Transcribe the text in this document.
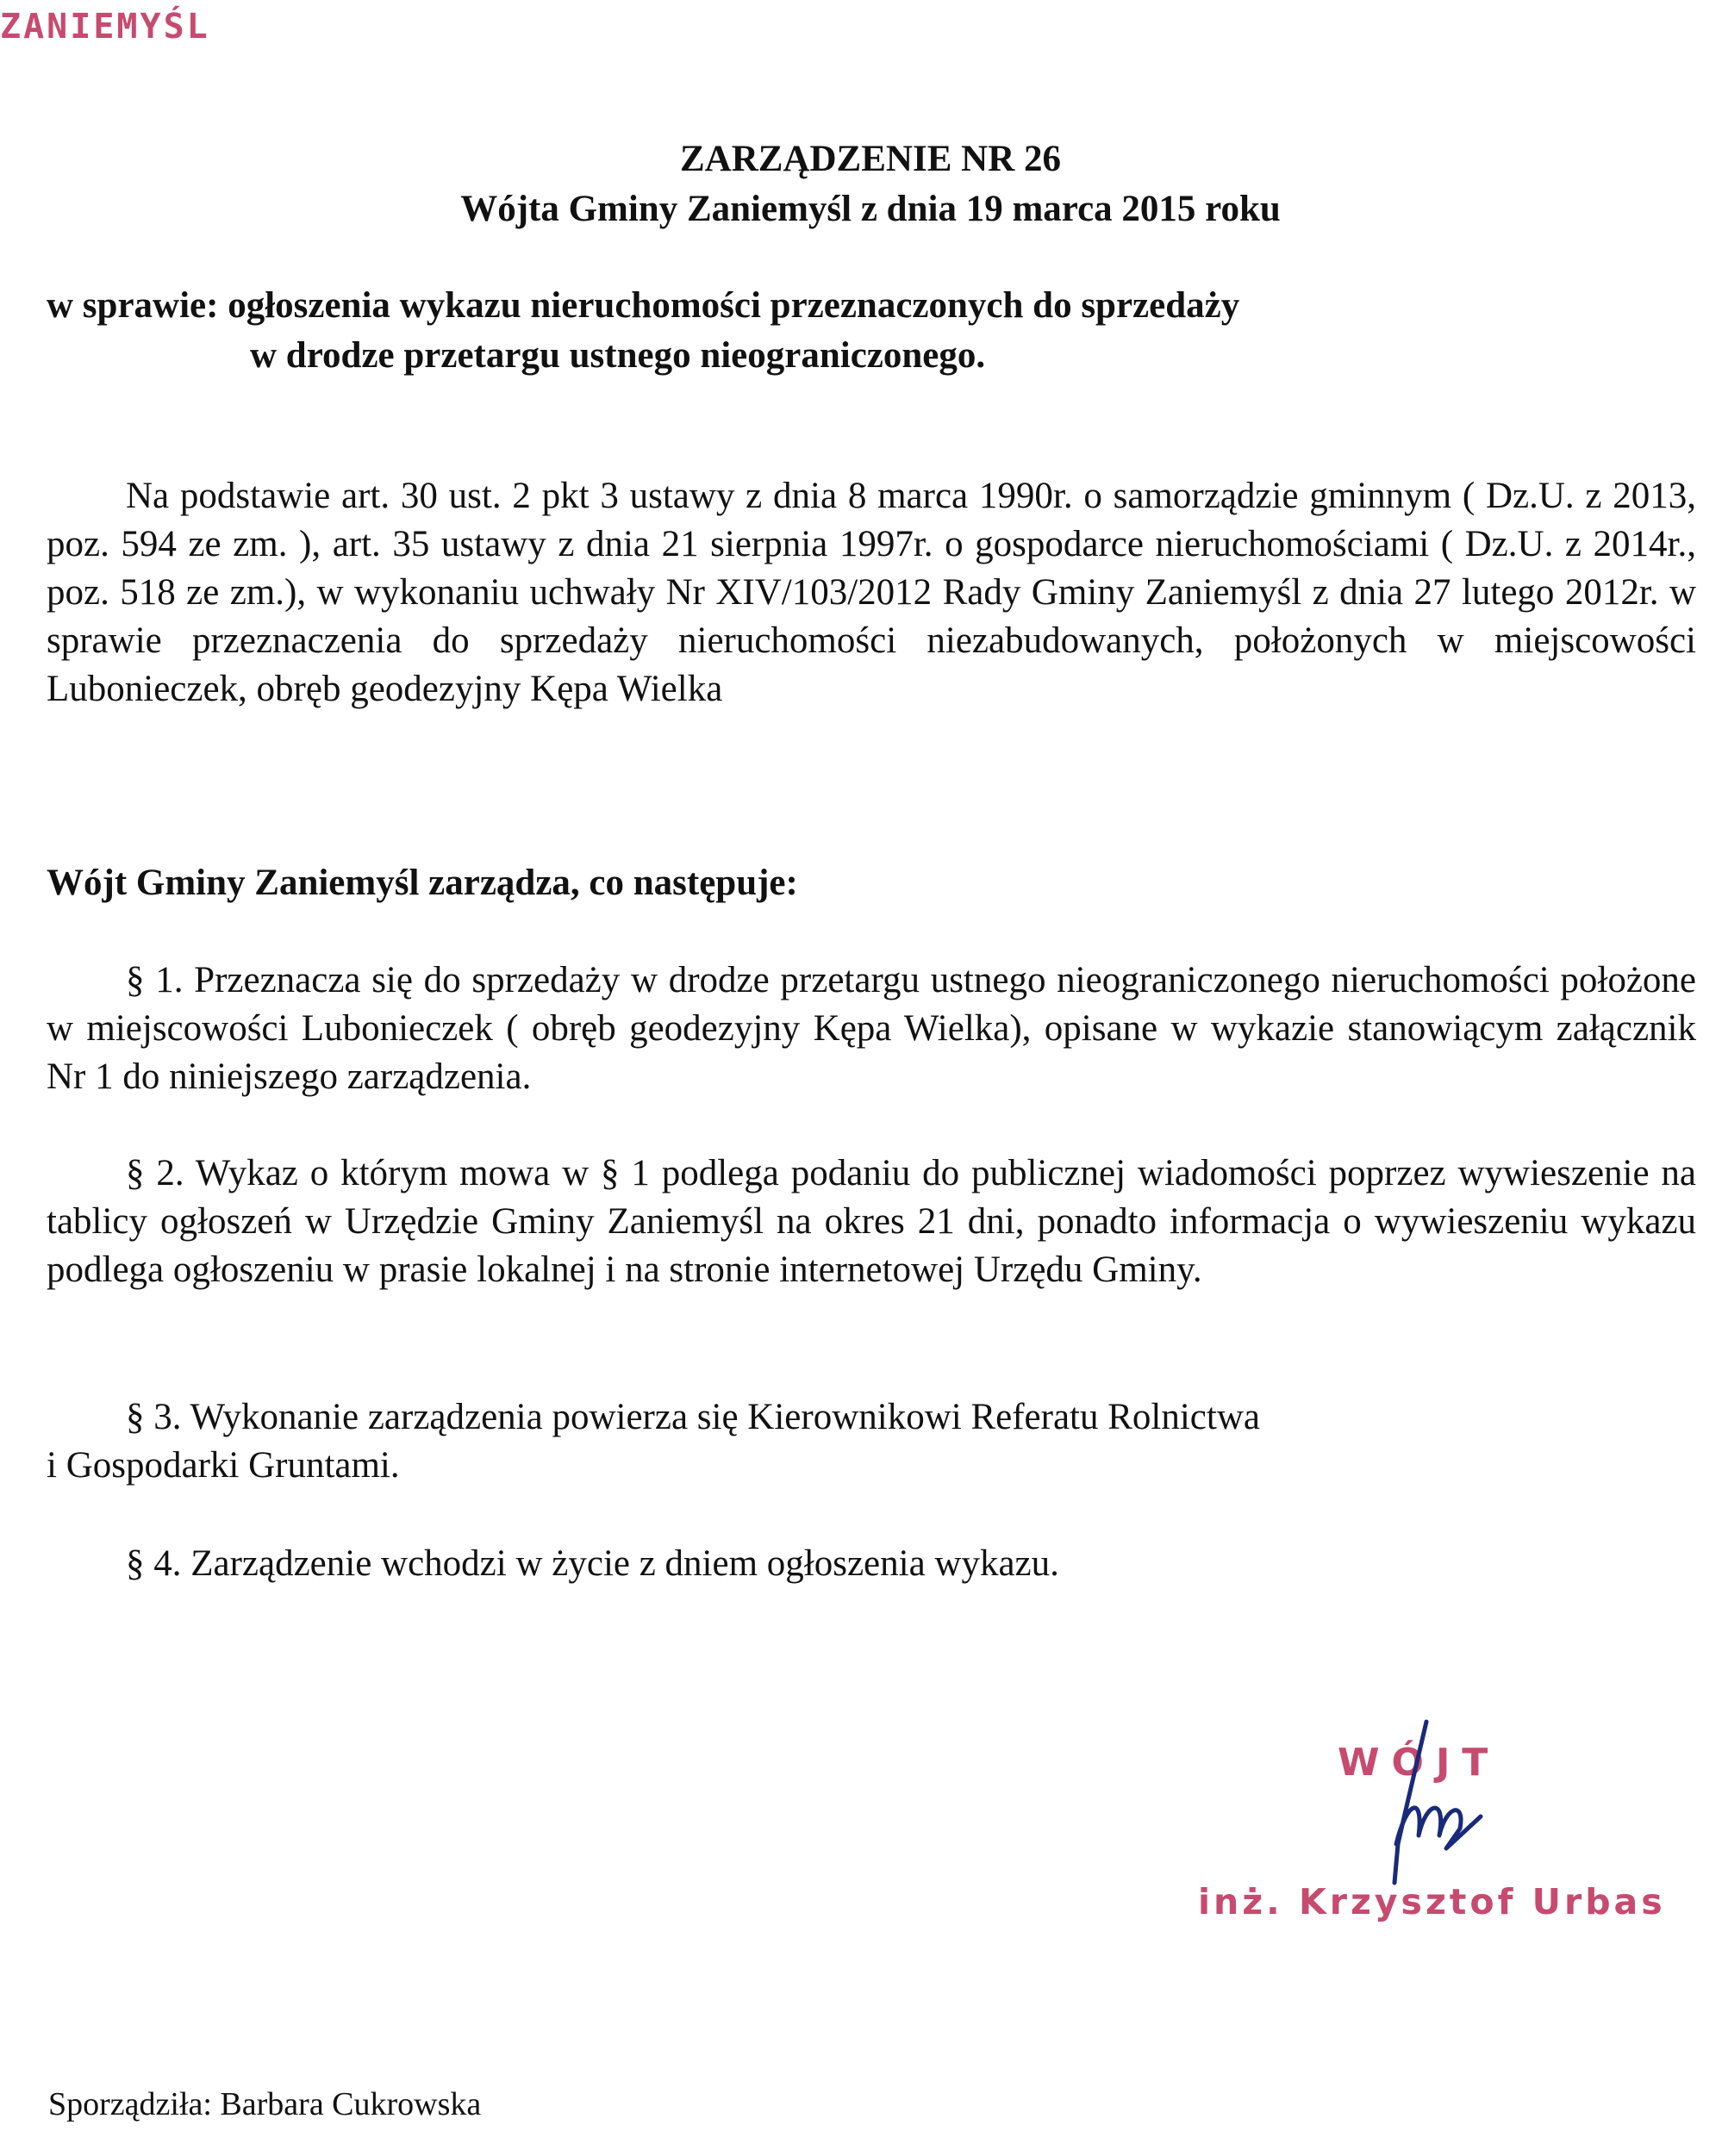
ZANIEMYŚL
ZARZĄDZENIE NR 26
Wójta Gminy Zaniemyśl z dnia 19 marca 2015 roku
w sprawie: ogłoszenia wykazu nieruchomości przeznaczonych do sprzedaży
w drodze przetargu ustnego nieograniczonego.

Na podstawie art. 30 ust. 2 pkt 3 ustawy z dnia 8 marca 1990r. o samorządzie gminnym ( Dz.U. z 2013, poz. 594 ze zm. ), art. 35 ustawy z dnia 21 sierpnia 1997r. o gospodarce nieruchomościami ( Dz.U. z 2014r., poz. 518 ze zm.), w wykonaniu uchwały Nr XIV/103/2012 Rady Gminy Zaniemyśl z dnia 27 lutego 2012r. w sprawie przeznaczenia do sprzedaży nieruchomości niezabudowanych, położonych w miejscowości Lubonieczek, obręb geodezyjny Kępa Wielka

Wójt Gminy Zaniemyśl zarządza, co następuje:

§ 1. Przeznacza się do sprzedaży w drodze przetargu ustnego nieograniczonego nieruchomości położone w miejscowości Lubonieczek ( obręb geodezyjny Kępa Wielka), opisane w wykazie stanowiącym załącznik Nr 1 do niniejszego zarządzenia.

§ 2. Wykaz o którym mowa w § 1 podlega podaniu do publicznej wiadomości poprzez wywieszenie na tablicy ogłoszeń w Urzędzie Gminy Zaniemyśl na okres 21 dni, ponadto informacja o wywieszeniu wykazu podlega ogłoszeniu w prasie lokalnej i na stronie internetowej Urzędu Gminy.

§ 3. Wykonanie zarządzenia powierza się Kierownikowi Referatu Rolnictwa
i Gospodarki Gruntami.
§ 4. Zarządzenie wchodzi w życie z dniem ogłoszenia wykazu.
WÓJT
inż. Krzysztof Urbas
Sporządziła: Barbara Cukrowska
